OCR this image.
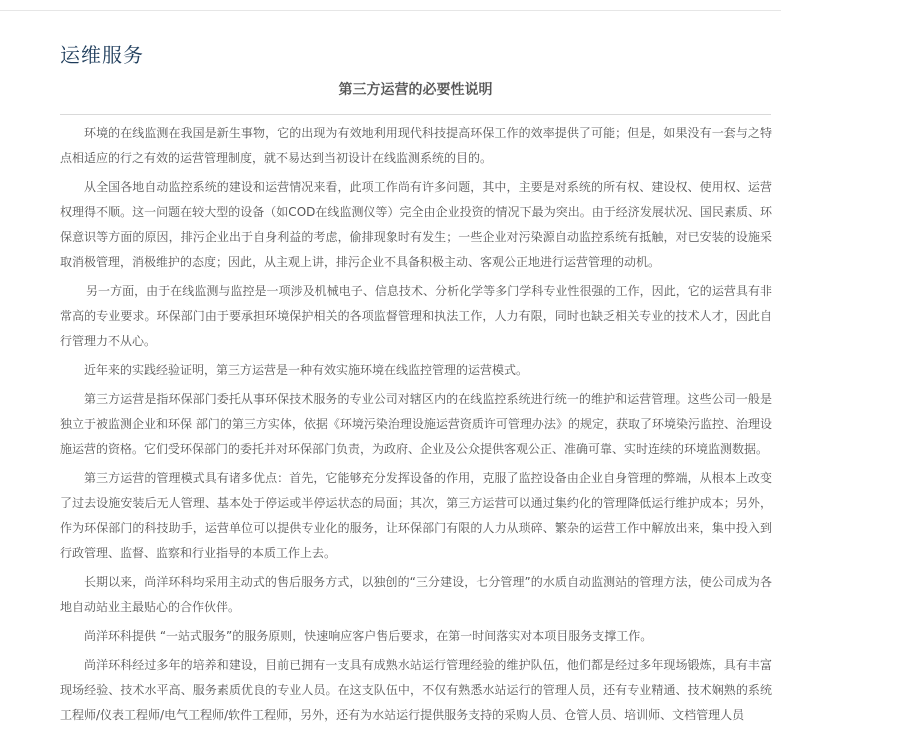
运维服务
第三方运营的必要性说明

环境的在线监测在我国是新生事物，它的出现为有效地利用现代科技提高环保工作的效率提供了可能；但是，如果没有一套与之特点相适应的行之有效的运营管理制度，就不易达到当初设计在线监测系统的目的。

从全国各地自动监控系统的建设和运营情况来看，此项工作尚有许多问题，其中，主要是对系统的所有权、建设权、使用权、运营权理得不顺。这一问题在较大型的设备（如COD在线监测仪等）完全由企业投资的情况下最为突出。由于经济发展状况、国民素质、环保意识等方面的原因，排污企业出于自身利益的考虑，偷排现象时有发生；一些企业对污染源自动监控系统有抵触，对已安装的设施采取消极管理，消极维护的态度；因此，从主观上讲，排污企业不具备积极主动、客观公正地进行运营管理的动机。

另一方面，由于在线监测与监控是一项涉及机械电子、信息技术、分析化学等多门学科专业性很强的工作，因此，它的运营具有非常高的专业要求。环保部门由于要承担环境保护相关的各项监督管理和执法工作，人力有限，同时也缺乏相关专业的技术人才，因此自行管理力不从心。

近年来的实践经验证明，第三方运营是一种有效实施环境在线监控管理的运营模式。

第三方运营是指环保部门委托从事环保技术服务的专业公司对辖区内的在线监控系统进行统一的维护和运营管理。这些公司一般是独立于被监测企业和环保 部门的第三方实体，依据《环境污染治理设施运营资质许可管理办法》的规定，获取了环境染污监控、治理设施运营的资格。它们受环保部门的委托并对环保部门负责，为政府、企业及公众提供客观公正、准确可靠、实时连续的环境监测数据。

第三方运营的管理模式具有诸多优点：首先，它能够充分发挥设备的作用，克服了监控设备由企业自身管理的弊端，从根本上改变了过去设施安装后无人管理、基本处于停运或半停运状态的局面；其次，第三方运营可以通过集约化的管理降低运行维护成本；另外，作为环保部门的科技助手，运营单位可以提供专业化的服务，让环保部门有限的人力从琐碎、繁杂的运营工作中解放出来，集中投入到行政管理、监督、监察和行业指导的本质工作上去。

长期以来，尚洋环科均采用主动式的售后服务方式，以独创的“三分建设，七分管理”的水质自动监测站的管理方法，使公司成为各地自动站业主最贴心的合作伙伴。

尚洋环科提供 “一站式服务”的服务原则，快速响应客户售后要求，在第一时间落实对本项目服务支撑工作。

尚洋环科经过多年的培养和建设，目前已拥有一支具有成熟水站运行管理经验的维护队伍，他们都是经过多年现场锻炼，具有丰富现场经验、技术水平高、服务素质优良的专业人员。在这支队伍中，不仅有熟悉水站运行的管理人员，还有专业精通、技术娴熟的系统工程师/仪表工程师/电气工程师/软件工程师，另外，还有为水站运行提供服务支持的采购人员、仓管人员、培训师、文档管理人员
